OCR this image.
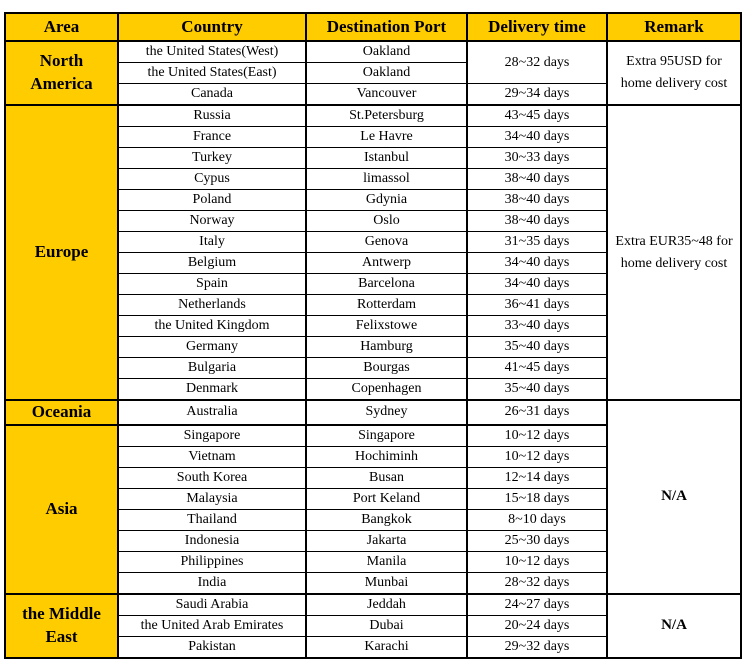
Area	Country	Destination Port	Delivery time	Remark
North America	the United States(West)	Oakland	28~32 days	Extra 95USD for home delivery cost
	the United States(East)	Oakland		
	Canada	Vancouver	29~34 days	
Europe	Russia	St.Petersburg	43~45 days	Extra EUR35~48 for home delivery cost
	France	Le Havre	34~40 days	
	Turkey	Istanbul	30~33 days	
	Cypus	limassol	38~40 days	
	Poland	Gdynia	38~40 days	
	Norway	Oslo	38~40 days	
	Italy	Genova	31~35 days	
	Belgium	Antwerp	34~40 days	
	Spain	Barcelona	34~40 days	
	Netherlands	Rotterdam	36~41 days	
	the United Kingdom	Felixstowe	33~40 days	
	Germany	Hamburg	35~40 days	
	Bulgaria	Bourgas	41~45 days	
	Denmark	Copenhagen	35~40 days	
Oceania	Australia	Sydney	26~31 days	N/A
Asia	Singapore	Singapore	10~12 days	
	Vietnam	Hochiminh	10~12 days	
	South Korea	Busan	12~14 days	
	Malaysia	Port Keland	15~18 days	
	Thailand	Bangkok	8~10 days	
	Indonesia	Jakarta	25~30 days	
	Philippines	Manila	10~12 days	
	India	Munbai	28~32 days	
the Middle East	Saudi Arabia	Jeddah	24~27 days	N/A
	the United Arab Emirates	Dubai	20~24 days	
	Pakistan	Karachi	29~32 days	
